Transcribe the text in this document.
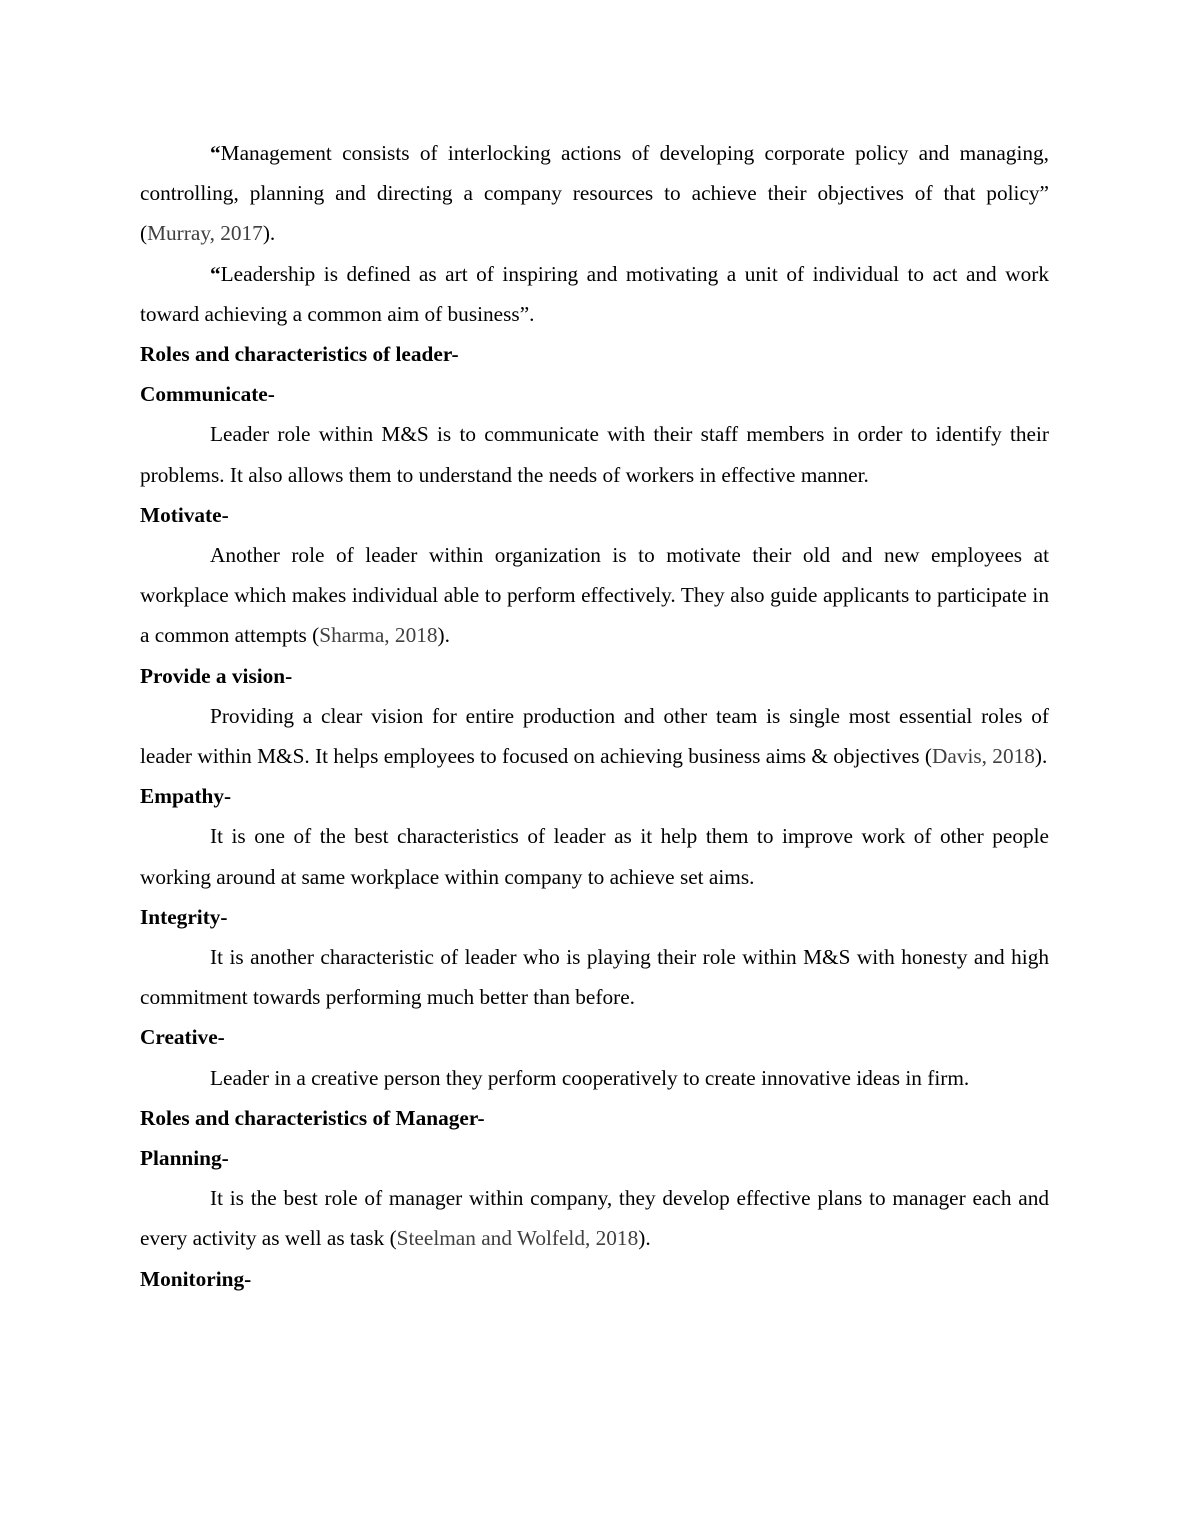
“Management consists of interlocking actions of developing corporate policy and managing, controlling, planning and directing a company resources to achieve their objectives of that policy” (Murray, 2017).

“Leadership is defined as art of inspiring and motivating a unit of individual to act and work toward achieving a common aim of business”.

Roles and characteristics of leader-

Communicate-

Leader role within M&S is to communicate with their staff members in order to identify their problems. It also allows them to understand the needs of workers in effective manner.

Motivate-

Another role of leader within organization is to motivate their old and new employees at workplace which makes individual able to perform effectively. They also guide applicants to participate in a common attempts (Sharma, 2018).

Provide a vision-

Providing a clear vision for entire production and other team is single most essential roles of leader within M&S. It helps employees to focused on achieving business aims & objectives (Davis, 2018).

Empathy-

It is one of the best characteristics of leader as it help them to improve work of other people working around at same workplace within company to achieve set aims.

Integrity-

It is another characteristic of leader who is playing their role within M&S with honesty and high commitment towards performing much better than before.

Creative-

Leader in a creative person they perform cooperatively to create innovative ideas in firm.

Roles and characteristics of Manager-

Planning-

It is the best role of manager within company, they develop effective plans to manager each and every activity as well as task (Steelman and Wolfeld, 2018).

Monitoring-
